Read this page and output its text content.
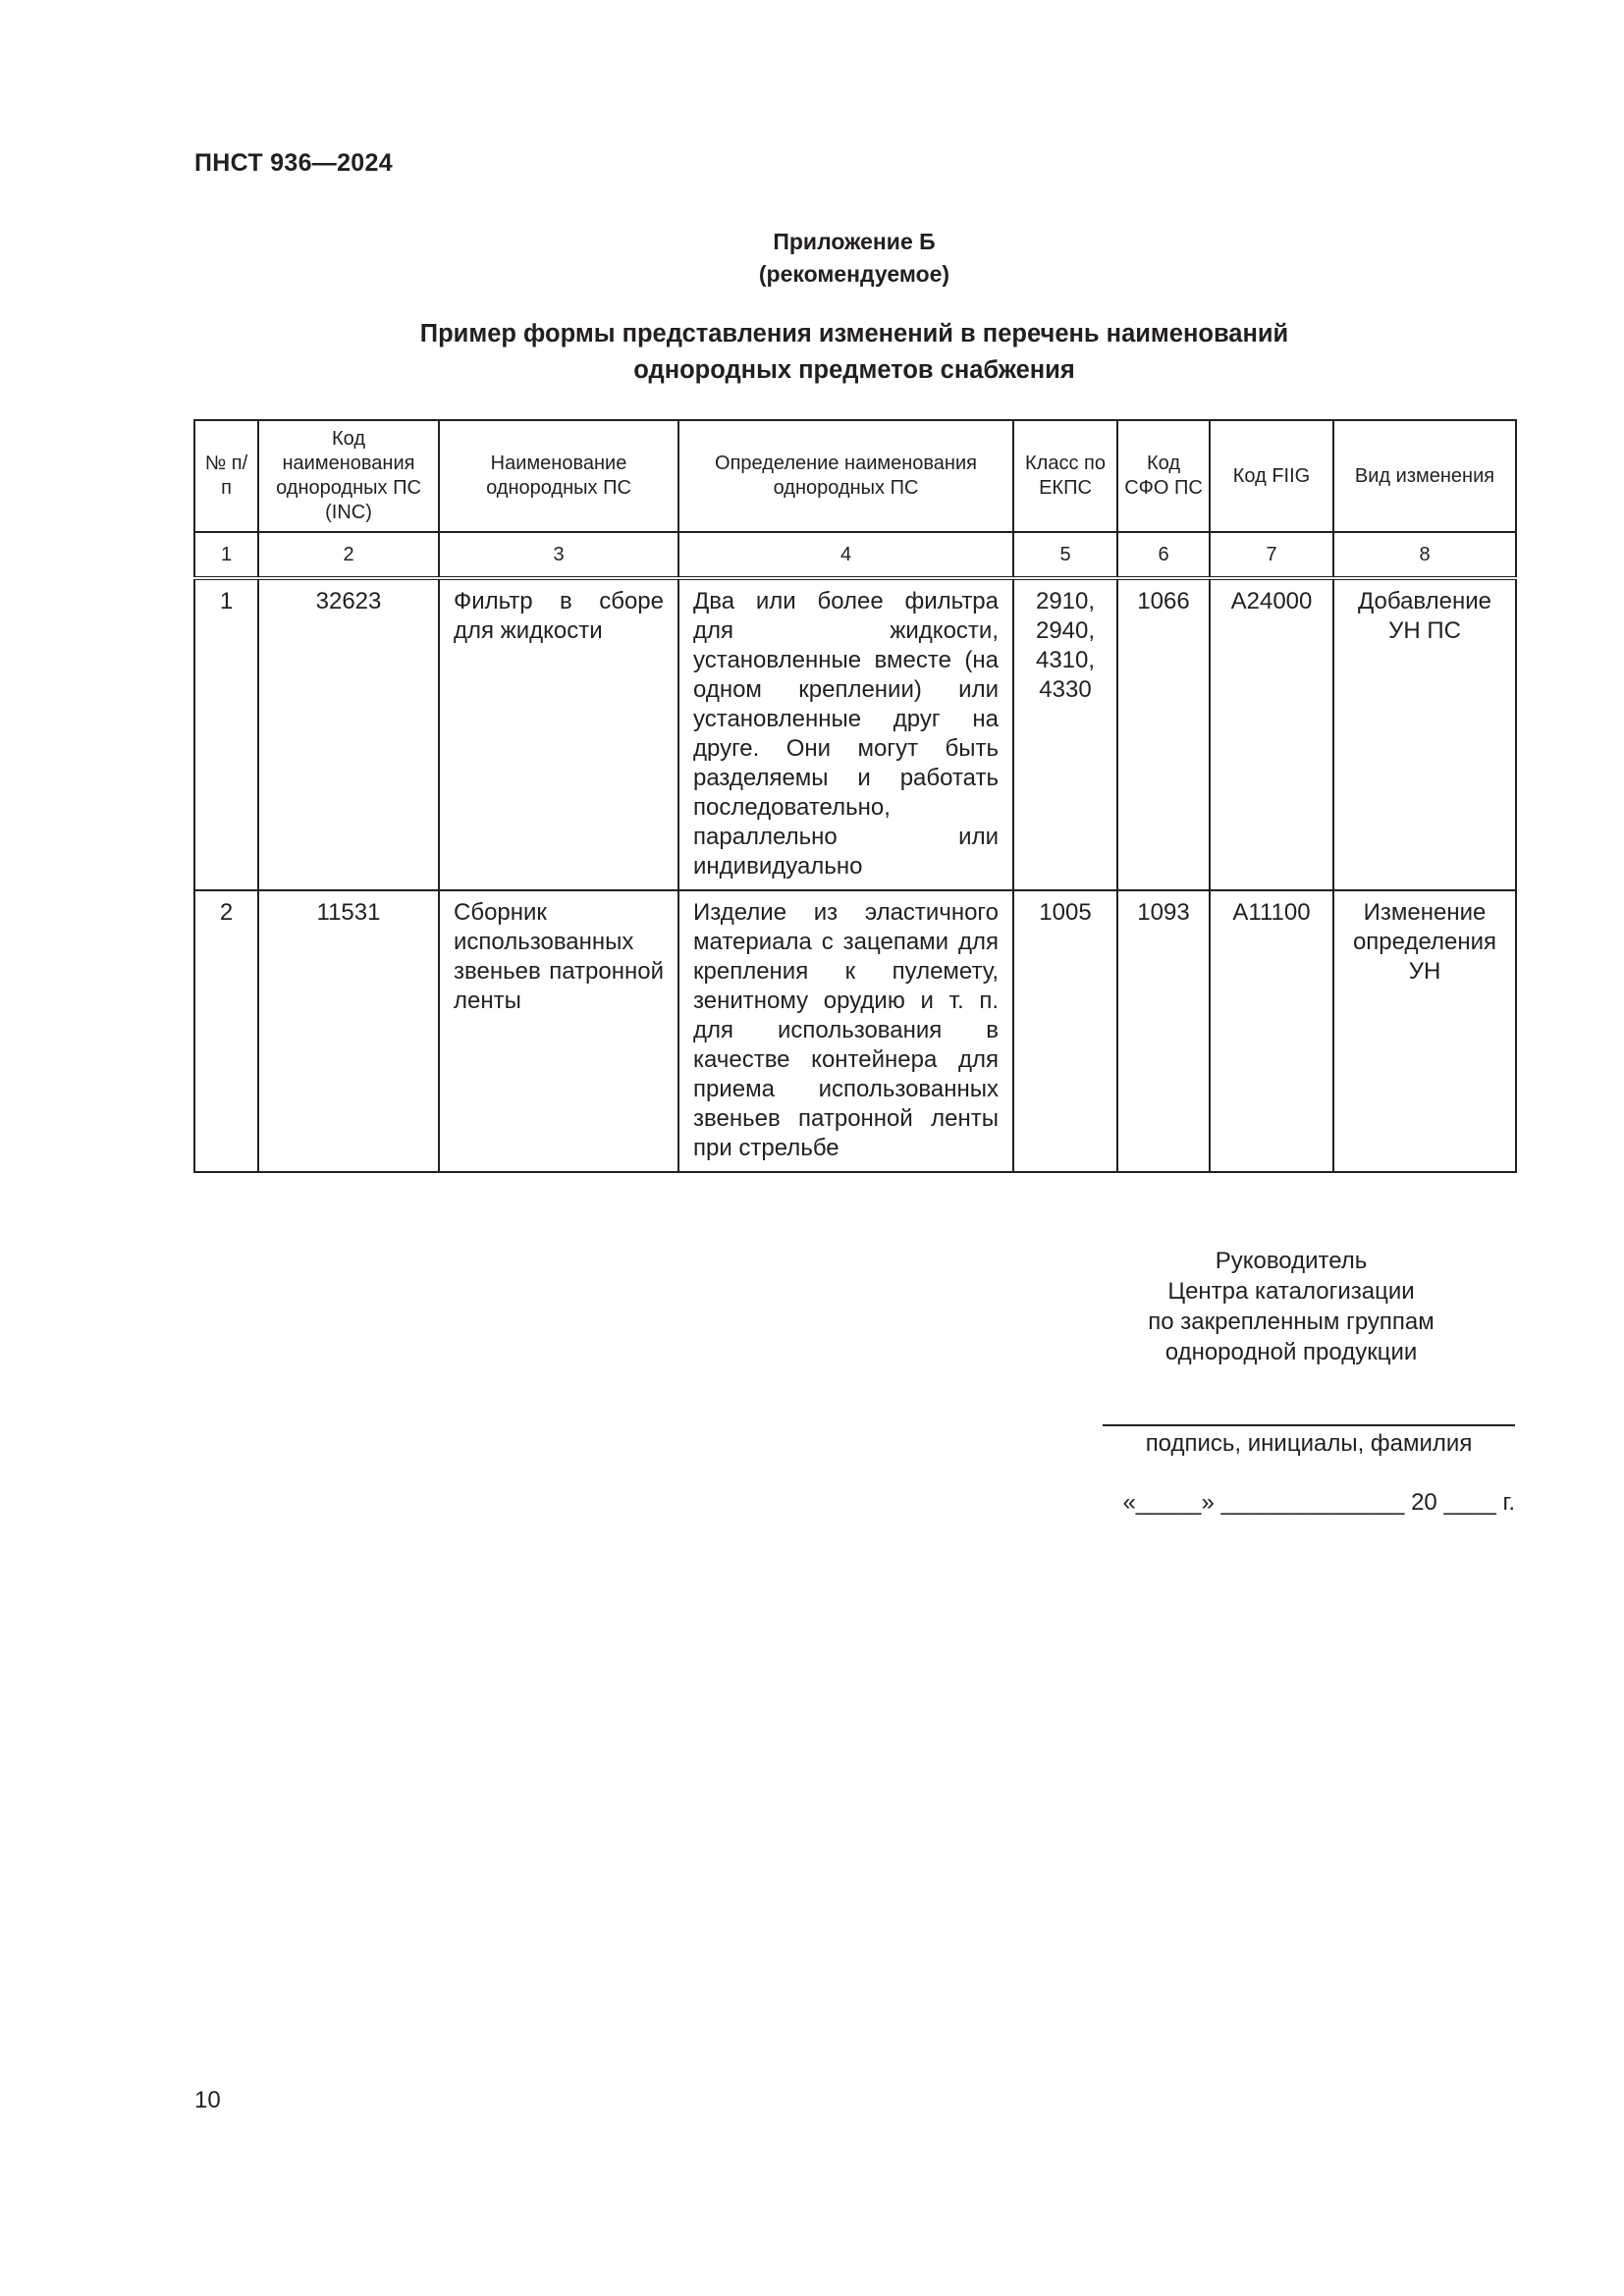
ПНСТ 936—2024
Приложение Б
(рекомендуемое)
Пример формы представления изменений в перечень наименований
однородных предметов снабжения
№ п/п	Код наименования однородных ПС (INC)	Наименование однородных ПС	Определение наименования однородных ПС	Класс по ЕКПС	Код СФО ПС	Код FIIG	Вид изменения
1	2	3	4	5	6	7	8
1	32623	Фильтр в сборе для жидкости	Два или более фильтра для жидкости, установленные вместе (на одном креплении) или установленные друг на друге. Они могут быть разделяемы и работать последовательно, параллельно или индивидуально	2910, 2940, 4310, 4330	1066	A24000	Добавление УН ПС
2	11531	Сборник использованных звеньев патронной ленты	Изделие из эластичного материала с зацепами для крепления к пулемету, зенитному орудию и т. п. для использования в качестве контейнера для приема использованных звеньев патронной ленты при стрельбе	1005	1093	A11100	Изменение определения УН
Руководитель
Центра каталогизации
по закрепленным группам
однородной продукции
подпись, инициалы, фамилия
«_____» ______________ 20 ____ г.
10
